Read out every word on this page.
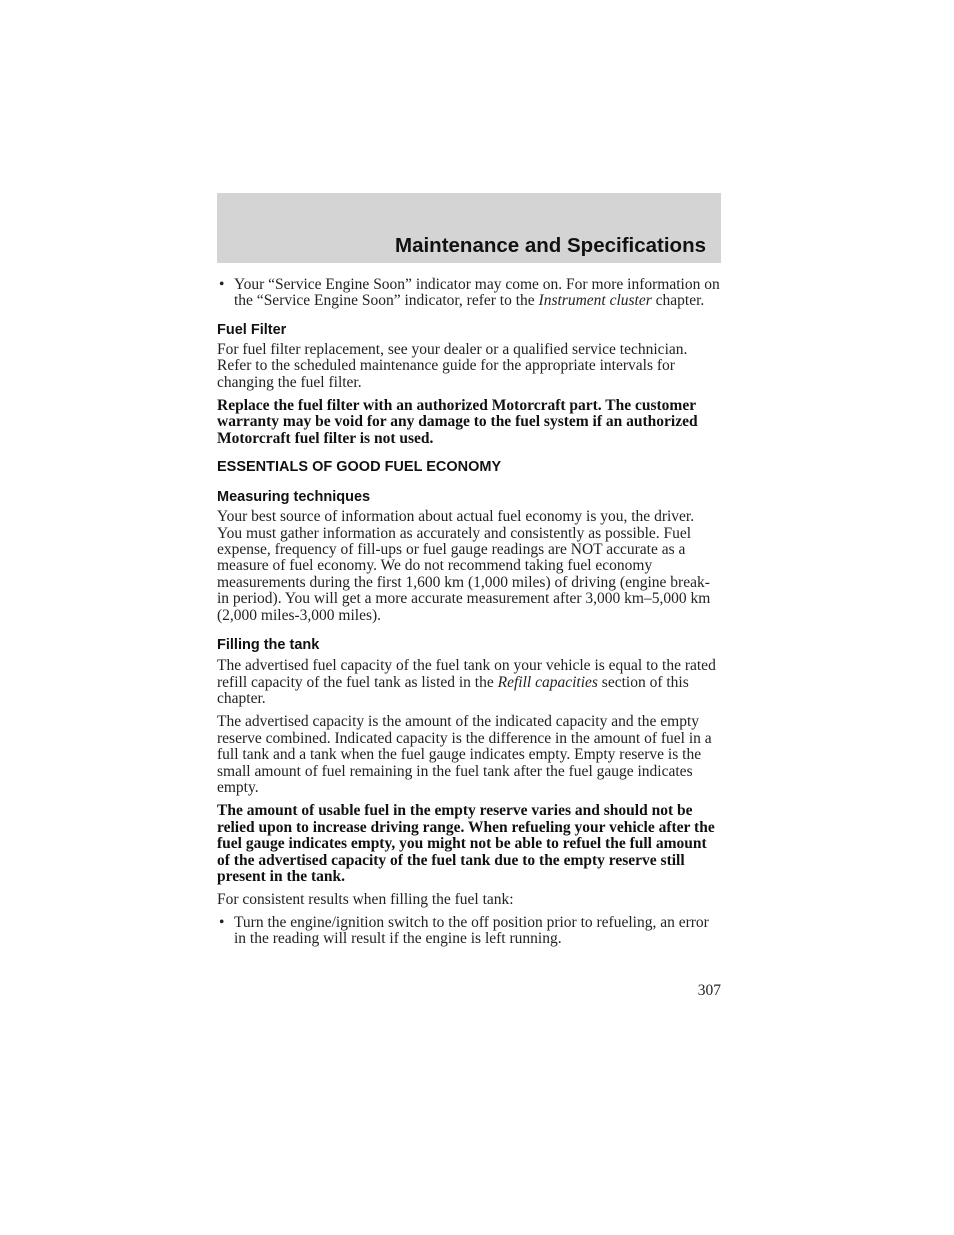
Maintenance and Specifications
• Your “Service Engine Soon” indicator may come on. For more information on the “Service Engine Soon” indicator, refer to the Instrument cluster chapter.
Fuel Filter

For fuel filter replacement, see your dealer or a qualified service technician. Refer to the scheduled maintenance guide for the appropriate intervals for changing the fuel filter.

Replace the fuel filter with an authorized Motorcraft part. The customer warranty may be void for any damage to the fuel system if an authorized Motorcraft fuel filter is not used.

ESSENTIALS OF GOOD FUEL ECONOMY
Measuring techniques

Your best source of information about actual fuel economy is you, the driver. You must gather information as accurately and consistently as possible. Fuel expense, frequency of fill-ups or fuel gauge readings are NOT accurate as a measure of fuel economy. We do not recommend taking fuel economy measurements during the first 1,600 km (1,000 miles) of driving (engine break-in period). You will get a more accurate measurement after 3,000 km–5,000 km (2,000 miles-3,000 miles).

Filling the tank

The advertised fuel capacity of the fuel tank on your vehicle is equal to the rated refill capacity of the fuel tank as listed in the Refill capacities section of this chapter.

The advertised capacity is the amount of the indicated capacity and the empty reserve combined. Indicated capacity is the difference in the amount of fuel in a full tank and a tank when the fuel gauge indicates empty. Empty reserve is the small amount of fuel remaining in the fuel tank after the fuel gauge indicates empty.

The amount of usable fuel in the empty reserve varies and should not be relied upon to increase driving range. When refueling your vehicle after the fuel gauge indicates empty, you might not be able to refuel the full amount of the advertised capacity of the fuel tank due to the empty reserve still present in the tank.

For consistent results when filling the fuel tank:

• Turn the engine/ignition switch to the off position prior to refueling, an error in the reading will result if the engine is left running.
307
